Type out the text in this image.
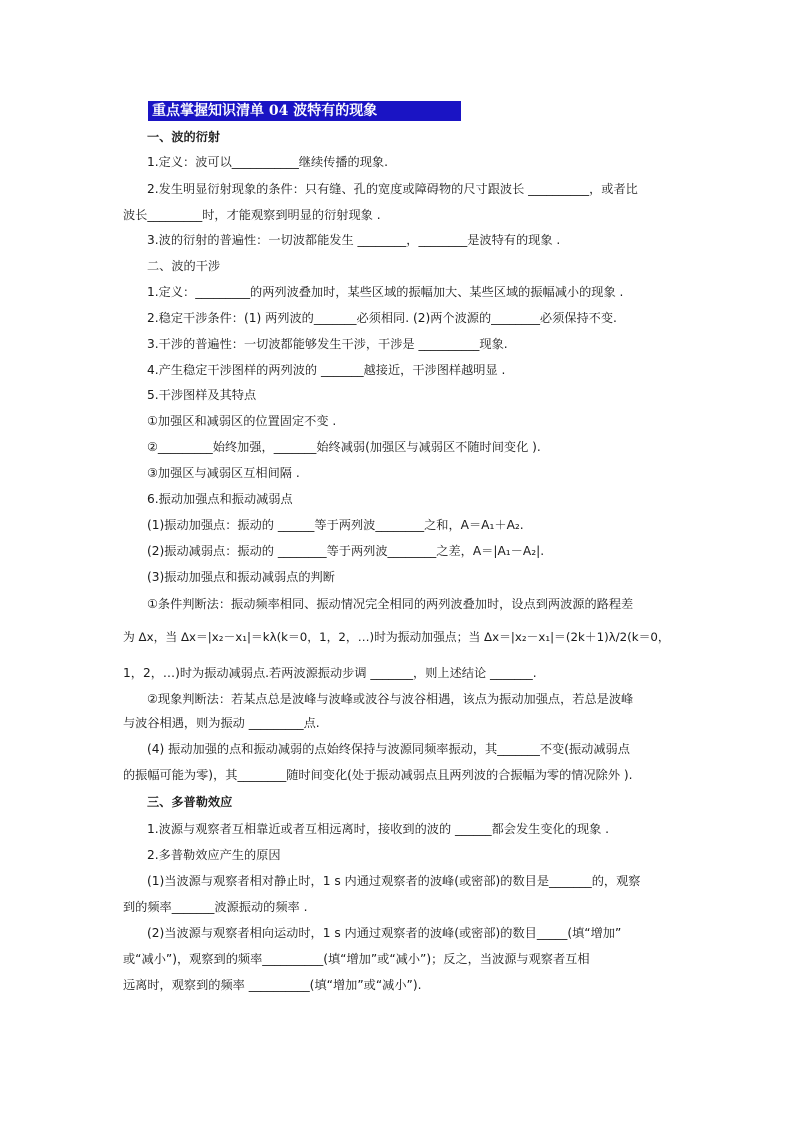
重点掌握知识清单 04 波特有的现象
一、波的衍射
1.定义：波可以___________继续传播的现象.
2.发生明显衍射现象的条件：只有缝、孔的宽度或障碍物的尺寸跟波长 __________，或者比
波长_________时，才能观察到明显的衍射现象 .
3.波的衍射的普遍性：一切波都能发生 ________，________是波特有的现象 .
二、波的干涉
1.定义：_________的两列波叠加时，某些区域的振幅加大、某些区域的振幅减小的现象 .
2.稳定干涉条件：(1) 两列波的_______必须相同. (2)两个波源的________必须保持不变.
3.干涉的普遍性：一切波都能够发生干涉，干涉是 __________现象.
4.产生稳定干涉图样的两列波的 _______越接近，干涉图样越明显 .
5.干涉图样及其特点
①加强区和减弱区的位置固定不变 .
②_________始终加强，_______始终减弱(加强区与减弱区不随时间变化 ).
③加强区与减弱区互相间隔 .
6.振动加强点和振动减弱点
(1)振动加强点：振动的 ______等于两列波________之和，A＝A₁＋A₂.
(2)振动减弱点：振动的 ________等于两列波________之差，A＝|A₁－A₂|.
(3)振动加强点和振动减弱点的判断
①条件判断法：振动频率相同、振动情况完全相同的两列波叠加时，设点到两波源的路程差
为 Δx，当 Δx＝|x₂－x₁|＝kλ(k＝0，1，2，…)时为振动加强点；当 Δx＝|x₂－x₁|＝(2k＋1)λ/2(k＝0，
1，2，…)时为振动减弱点.若两波源振动步调 _______，则上述结论 _______.
②现象判断法：若某点总是波峰与波峰或波谷与波谷相遇，该点为振动加强点，若总是波峰
与波谷相遇，则为振动 _________点.
(4) 振动加强的点和振动减弱的点始终保持与波源同频率振动，其_______不变(振动减弱点
的振幅可能为零)，其________随时间变化(处于振动减弱点且两列波的合振幅为零的情况除外 ).
三、多普勒效应
1.波源与观察者互相靠近或者互相远离时，接收到的波的 ______都会发生变化的现象 .
2.多普勒效应产生的原因
(1)当波源与观察者相对静止时，1 s 内通过观察者的波峰(或密部)的数目是_______的，观察
到的频率_______波源振动的频率 .
(2)当波源与观察者相向运动时，1 s 内通过观察者的波峰(或密部)的数目_____(填“增加”
或“减小”)，观察到的频率__________(填“增加”或“减小”)；反之，当波源与观察者互相
远离时，观察到的频率 __________(填“增加”或“减小”).
